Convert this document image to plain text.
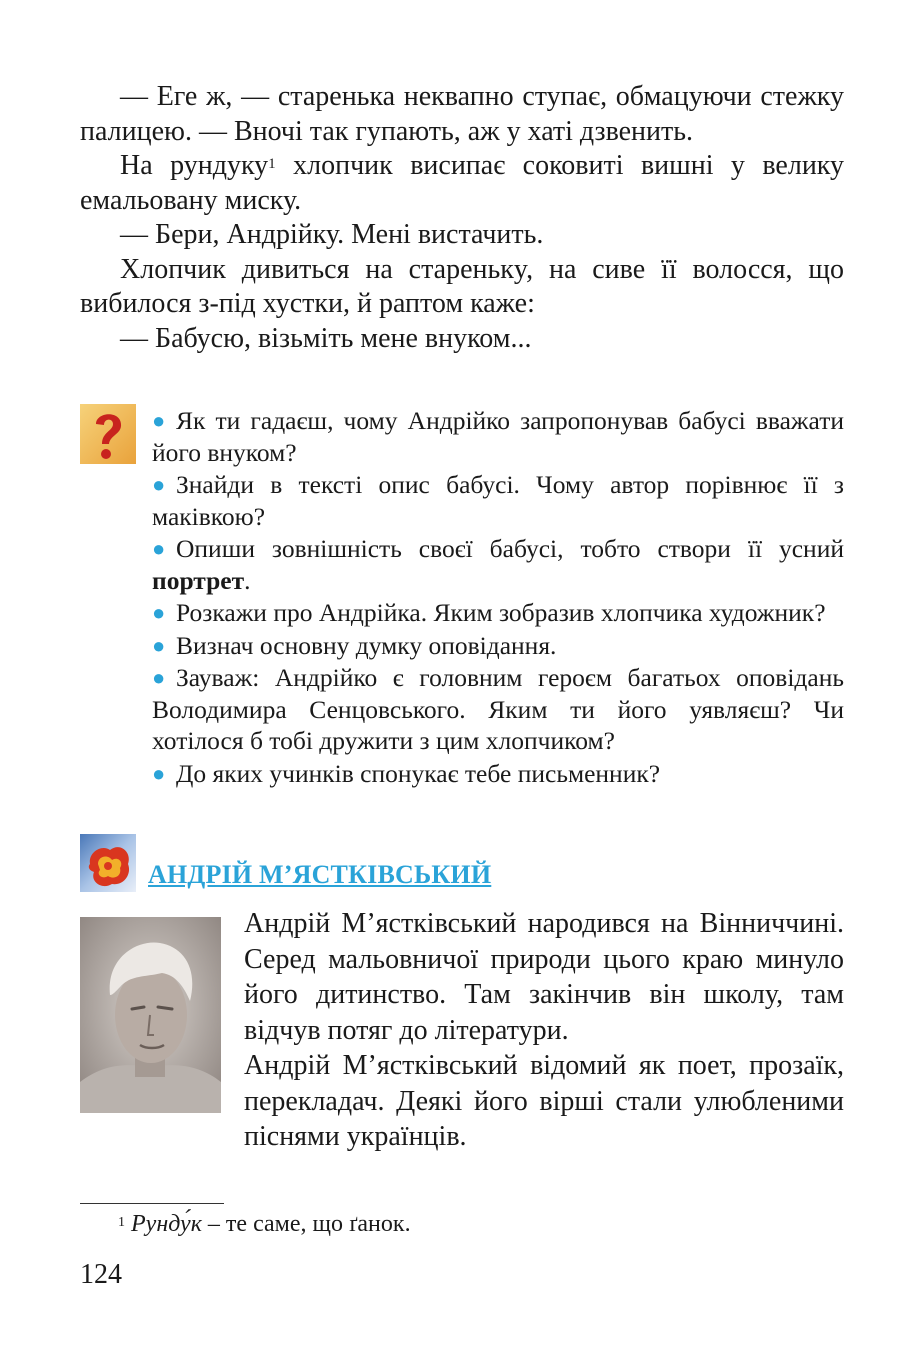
— Еге ж, — старенька неквапно ступає, обмацуючи стежку палицею. — Вночі так гупають, аж у хаті дзвенить.

На рундуку$^1$ хлопчик висипає соковиті вишні у велику емальовану миску.

— Бери, Андрійку. Мені вистачить.

Хлопчик дивиться на старенькy, на сиве її волосся, що вибилося з-під хустки, й раптом каже:

— Бабусю, візьміть мене внуком...

● Як ти гадаєш, чому Андрійко запропонував бабусі вважати його внуком?

● Знайди в тексті опис бабусі. Чому автор порівнює її з маківкою?

● Опиши зовнішність своєї бабусі, тобто створи її усний портрет.

● Розкажи про Андрійка. Яким зобразив хлопчика художник?

● Визнач основну думку оповідання.

● Зауваж: Андрійко є головним героєм багатьох оповідань Володимира Сенцовського. Яким ти його уявляєш? Чи хотілося б тобі дружити з цим хлопчиком?

● До яких учинків спонукає тебе письменник?

АНДРІЙ М’ЯСТКІВСЬКИЙ

Андрій М’ястківський народився на Вінниччині. Серед мальовничої природи цього краю минуло його дитинство. Там закінчив він школу, там відчув потяг до літератури.

Андрій М’ястківський відомий як поет, прозаїк, перекладач. Деякі його вірші стали улюбленими піснями українців.

$^1$ Рунду́к – те саме, що ґанок.
124
